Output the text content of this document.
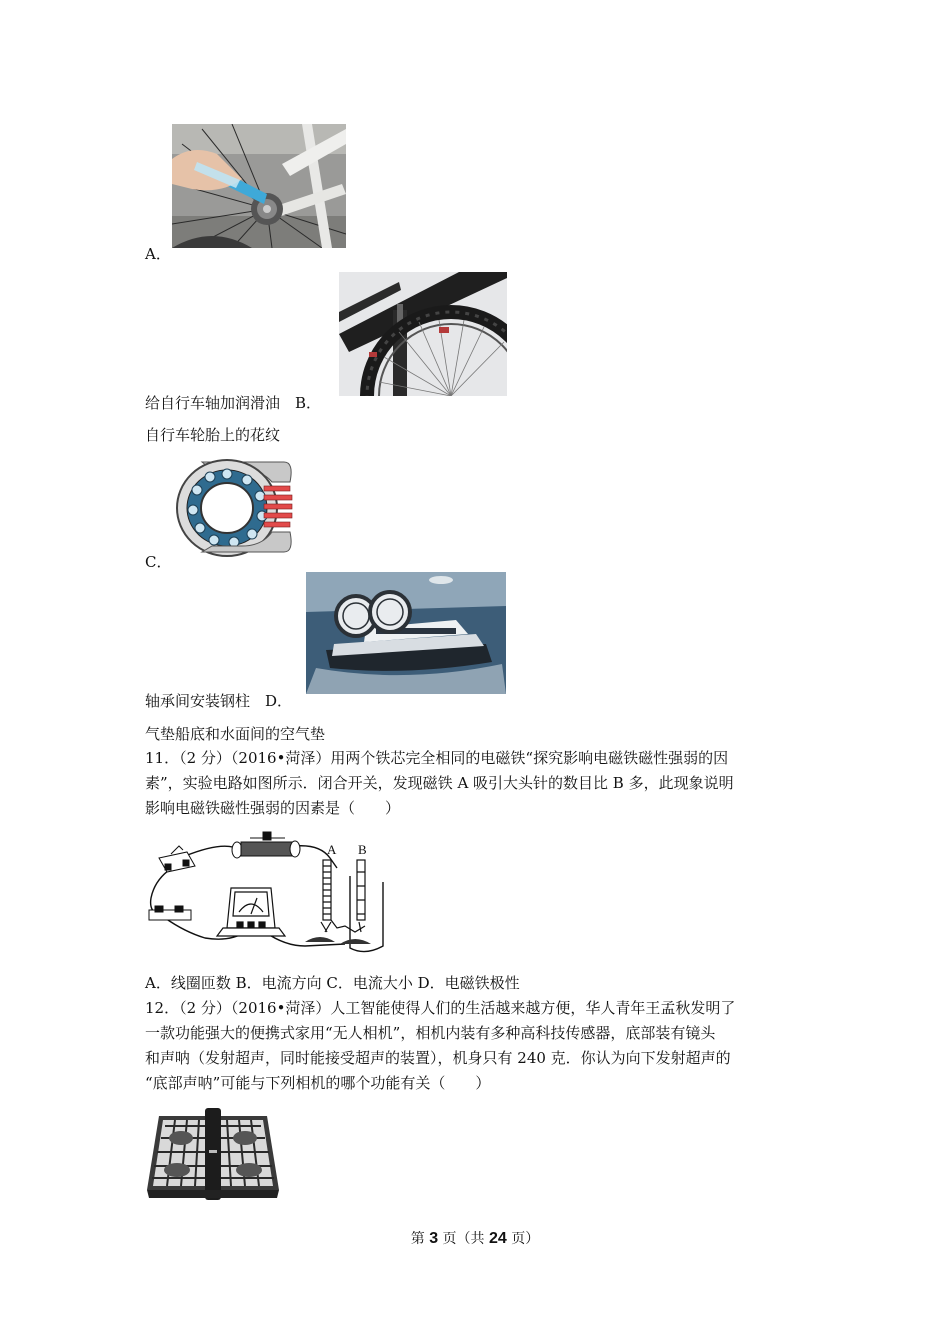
A．
给自行车轴加润滑油　 B．
自行车轮胎上的花纹
C．
轴承间安装钢柱　 D．
气垫船底和水面间的空气垫
11．（2 分）（2016•菏泽）用两个铁芯完全相同的电磁铁“探究影响电磁铁磁性强弱的因
素”，实验电路如图所示．闭合开关，发现磁铁 A 吸引大头针的数目比 B 多，此现象说明
影响电磁铁磁性强弱的因素是（　　）
A B
A．线圈匝数 B．电流方向 C．电流大小 D．电磁铁极性
12．（2 分）（2016•菏泽）人工智能使得人们的生活越来越方便，华人青年王孟秋发明了
一款功能强大的便携式家用“无人相机”，相机内装有多种高科技传感器，底部装有镜头
和声呐（发射超声，同时能接受超声的装置），机身只有 240 克．你认为向下发射超声的
“底部声呐”可能与下列相机的哪个功能有关（　　）
第 3 页（共 24 页）
